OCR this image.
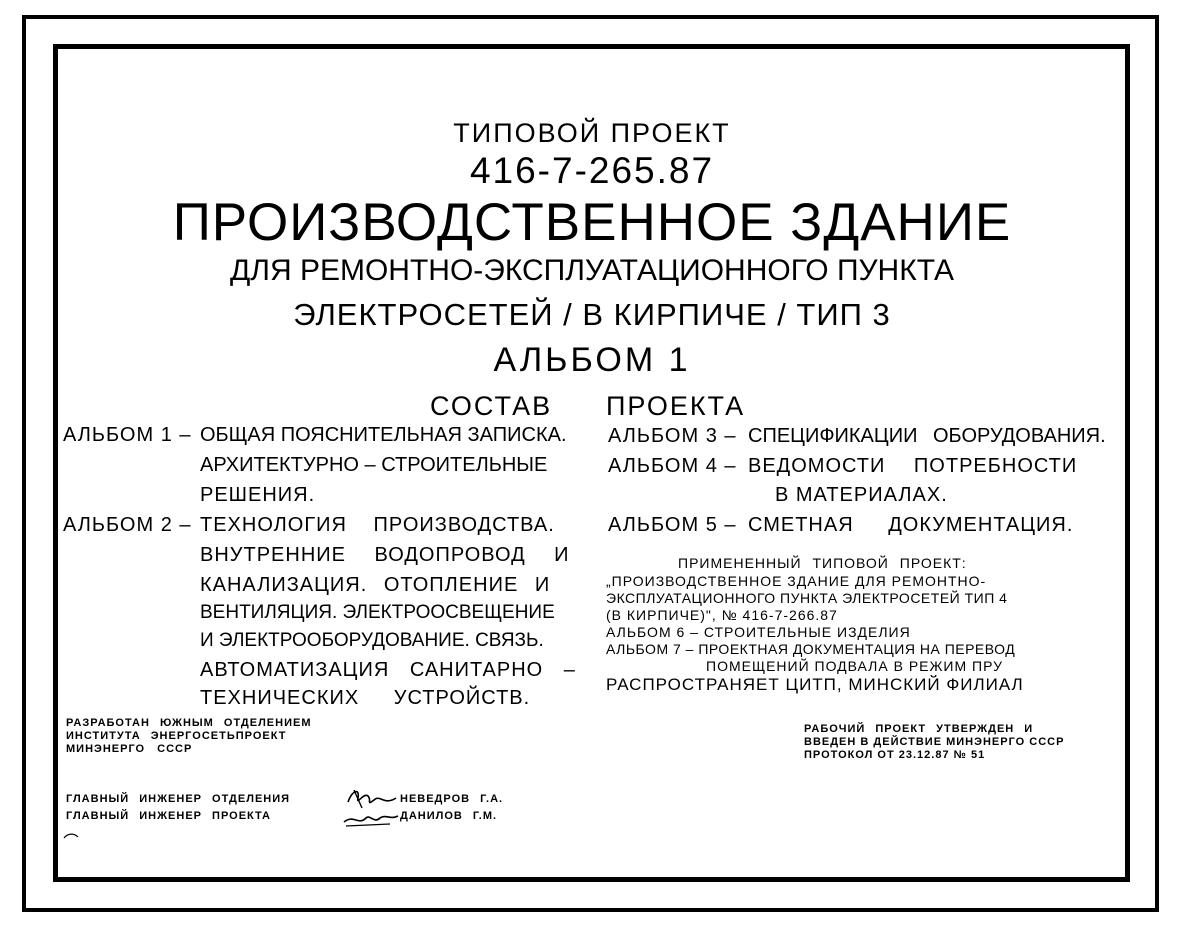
ТИПОВОЙ ПРОЕКТ
416-7-265.87
ПРОИЗВОДСТВЕННОЕ ЗДАНИЕ
ДЛЯ РЕМОНТНО-ЭКСПЛУАТАЦИОННОГО ПУНКТА
ЭЛЕКТРОСЕТЕЙ / В КИРПИЧЕ / ТИП 3
АЛЬБОМ 1
СОСТАВ ПРОЕКТА
АЛЬБОМ 1 – ОБЩАЯ ПОЯСНИТЕЛЬНАЯ ЗАПИСКА.
АРХИТЕКТУРНО – СТРОИТЕЛЬНЫЕ
РЕШЕНИЯ.
АЛЬБОМ 2 – ТЕХНОЛОГИЯ ПРОИЗВОДСТВА.
ВНУТРЕННИЕ ВОДОПРОВОД И
КАНАЛИЗАЦИЯ. ОТОПЛЕНИЕ И
ВЕНТИЛЯЦИЯ. ЭЛЕКТРООСВЕЩЕНИЕ
И ЭЛЕКТРООБОРУДОВАНИЕ. СВЯЗЬ.
АВТОМАТИЗАЦИЯ САНИТАРНО –
ТЕХНИЧЕСКИХ УСТРОЙСТВ.
АЛЬБОМ 3 – СПЕЦИФИКАЦИИ ОБОРУДОВАНИЯ.
АЛЬБОМ 4 – ВЕДОМОСТИ ПОТРЕБНОСТИ
В МАТЕРИАЛАХ.
АЛЬБОМ 5 – СМЕТНАЯ ДОКУМЕНТАЦИЯ.
ПРИМЕНЕННЫЙ ТИПОВОЙ ПРОЕКТ:
„ПРОИЗВОДСТВЕННОЕ ЗДАНИЕ ДЛЯ РЕМОНТНО-
ЭКСПЛУАТАЦИОННОГО ПУНКТА ЭЛЕКТРОСЕТЕЙ ТИП 4
(В КИРПИЧЕ)", № 416-7-266.87
АЛЬБОМ 6 – СТРОИТЕЛЬНЫЕ ИЗДЕЛИЯ
АЛЬБОМ 7 – ПРОЕКТНАЯ ДОКУМЕНТАЦИЯ НА ПЕРЕВОД
ПОМЕЩЕНИЙ ПОДВАЛА В РЕЖИМ ПРУ
РАСПРОСТРАНЯЕТ ЦИТП, МИНСКИЙ ФИЛИАЛ
РАЗРАБОТАН ЮЖНЫМ ОТДЕЛЕНИЕМ
ИНСТИТУТА ЭНЕРГОСЕТЬПРОЕКТ
МИНЭНЕРГО СССР
РАБОЧИЙ ПРОЕКТ УТВЕРЖДЕН И
ВВЕДЕН В ДЕЙСТВИЕ МИНЭНЕРГО СССР
ПРОТОКОЛ ОТ 23.12.87 № 51
ГЛАВНЫЙ ИНЖЕНЕР ОТДЕЛЕНИЯ	НЕВЕДРОВ Г.А.
ГЛАВНЫЙ ИНЖЕНЕР ПРОЕКТА	ДАНИЛОВ Г.М.
